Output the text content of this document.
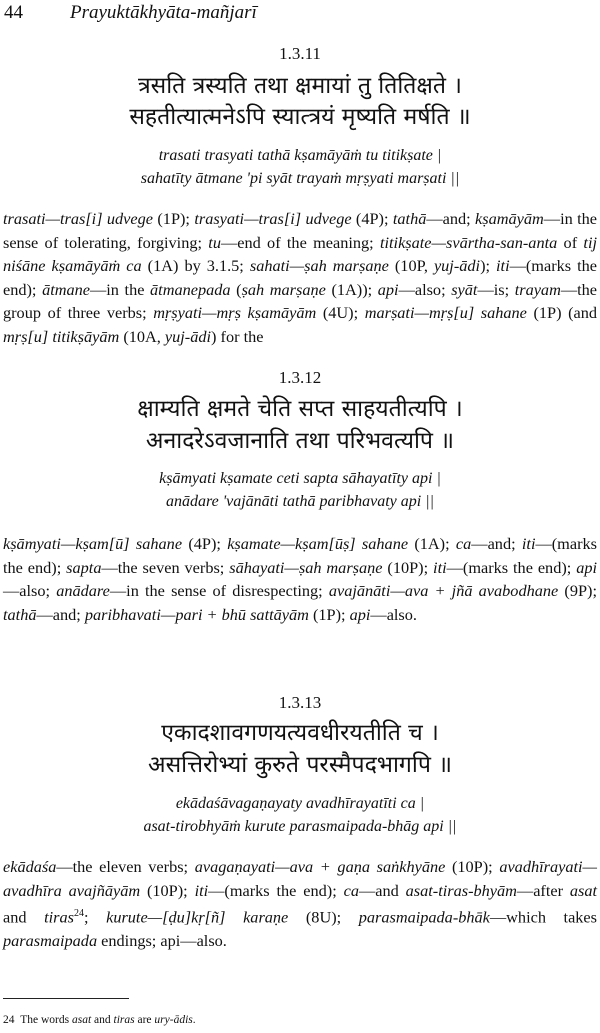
44 Prayuktākhyāta-mañjarī
1.3.11
त्रसति त्रस्यति तथा क्षमायां तु तितिक्षते ।
सहतीत्यात्मनेऽपि स्यात्त्रयं मृष्यति मर्षति ॥
trasati trasyati tathā kṣamāyāṁ tu titikṣate |
sahatīty ātmane 'pi syāt trayaṁ mṛṣyati marṣati ||
trasati—tras[i] udvege (1P); trasyati—tras[i] udvege (4P); tathā—and; kṣamāyām—in the sense of tolerating, forgiving; tu—end of the meaning; titikṣate—svārtha-san-anta of tij niśāne kṣamāyāṁ ca (1A) by 3.1.5; sahati—ṣah marṣaṇe (10P, yuj-ādi); iti—(marks the end); ātmane—in the ātmanepada (ṣah marṣaṇe (1A)); api—also; syāt—is; trayam—the group of three verbs; mṛṣyati—mṛṣ kṣamāyām (4U); marṣati—mṛṣ[u] sahane (1P) (and mṛṣ[u] titikṣāyām (10A, yuj-ādi) for the
1.3.12
क्षाम्यति क्षमते चेति सप्त साहयतीत्यपि ।
अनादरेऽवजानाति तथा परिभवत्यपि ॥
kṣāmyati kṣamate ceti sapta sāhayatīty api |
anādare 'vajānāti tathā paribhavaty api ||
kṣāmyati—kṣam[ū] sahane (4P); kṣamate—kṣam[ūṣ] sahane (1A); ca—and; iti—(marks the end); sapta—the seven verbs; sāhayati—ṣah marṣaṇe (10P); iti—(marks the end); api—also; anādare—in the sense of disrespecting; avajānāti—ava + jñā avabodhane (9P); tathā—and; paribhavati—pari + bhū sattāyām (1P); api—also.
1.3.13
एकादशावगणयत्यवधीरयतीति च ।
असत्तिरोभ्यां कुरुते परस्मैपदभागपि ॥
ekādaśāvagaṇayaty avadhīrayatīti ca |
asat-tirobhyāṁ kurute parasmaipada-bhāg api ||
ekādaśa—the eleven verbs; avagaṇayati—ava + gaṇa saṅkhyāne (10P); avadhīrayati—avadhīra avajñāyām (10P); iti—(marks the end); ca—and asat-tiras-bhyām—after asat and tiras$^{24}$; kurute—[ḍu]kṛ[ñ] karaṇe (8U); parasmaipada-bhāk—which takes parasmaipada endings; api—also.
24 The words asat and tiras are ury-ādis.
